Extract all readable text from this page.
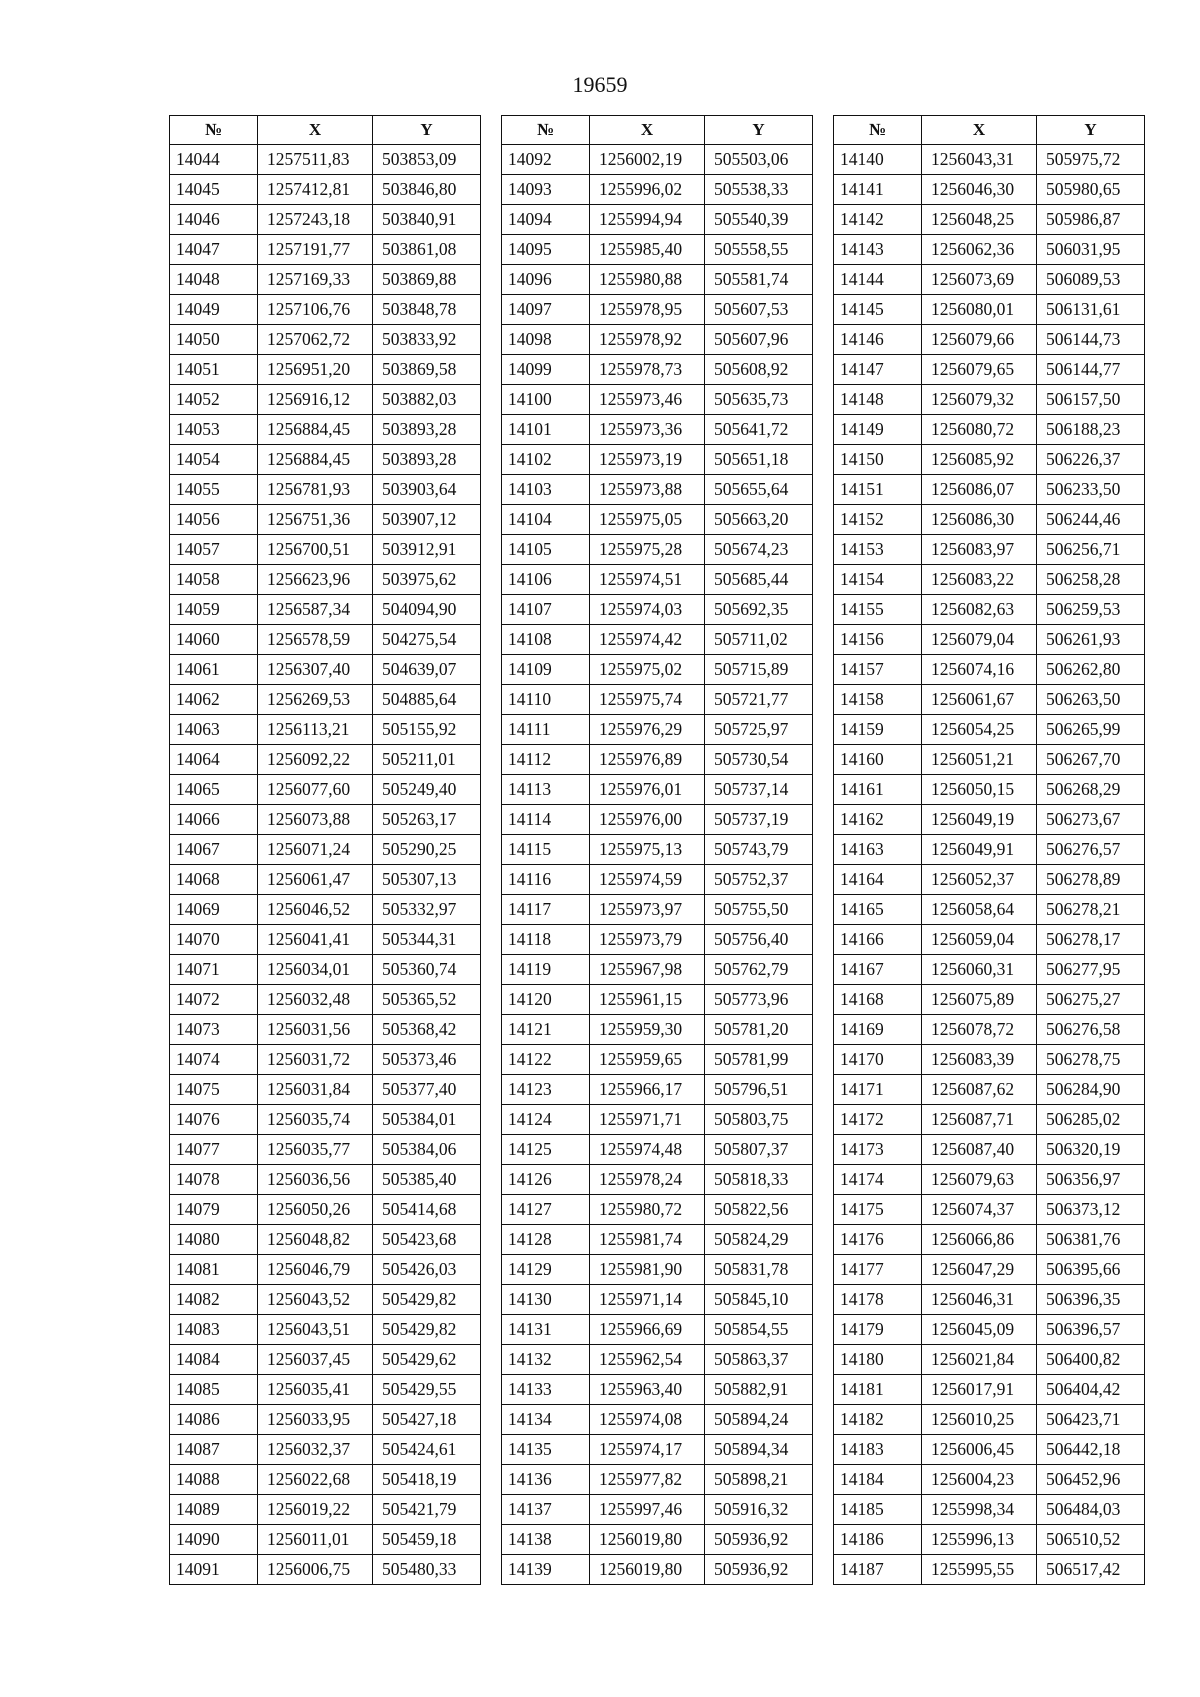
19659
№	X	Y
14044	1257511,83	503853,09
14045	1257412,81	503846,80
14046	1257243,18	503840,91
14047	1257191,77	503861,08
14048	1257169,33	503869,88
14049	1257106,76	503848,78
14050	1257062,72	503833,92
14051	1256951,20	503869,58
14052	1256916,12	503882,03
14053	1256884,45	503893,28
14054	1256884,45	503893,28
14055	1256781,93	503903,64
14056	1256751,36	503907,12
14057	1256700,51	503912,91
14058	1256623,96	503975,62
14059	1256587,34	504094,90
14060	1256578,59	504275,54
14061	1256307,40	504639,07
14062	1256269,53	504885,64
14063	1256113,21	505155,92
14064	1256092,22	505211,01
14065	1256077,60	505249,40
14066	1256073,88	505263,17
14067	1256071,24	505290,25
14068	1256061,47	505307,13
14069	1256046,52	505332,97
14070	1256041,41	505344,31
14071	1256034,01	505360,74
14072	1256032,48	505365,52
14073	1256031,56	505368,42
14074	1256031,72	505373,46
14075	1256031,84	505377,40
14076	1256035,74	505384,01
14077	1256035,77	505384,06
14078	1256036,56	505385,40
14079	1256050,26	505414,68
14080	1256048,82	505423,68
14081	1256046,79	505426,03
14082	1256043,52	505429,82
14083	1256043,51	505429,82
14084	1256037,45	505429,62
14085	1256035,41	505429,55
14086	1256033,95	505427,18
14087	1256032,37	505424,61
14088	1256022,68	505418,19
14089	1256019,22	505421,79
14090	1256011,01	505459,18
14091	1256006,75	505480,33
№	X	Y
14092	1256002,19	505503,06
14093	1255996,02	505538,33
14094	1255994,94	505540,39
14095	1255985,40	505558,55
14096	1255980,88	505581,74
14097	1255978,95	505607,53
14098	1255978,92	505607,96
14099	1255978,73	505608,92
14100	1255973,46	505635,73
14101	1255973,36	505641,72
14102	1255973,19	505651,18
14103	1255973,88	505655,64
14104	1255975,05	505663,20
14105	1255975,28	505674,23
14106	1255974,51	505685,44
14107	1255974,03	505692,35
14108	1255974,42	505711,02
14109	1255975,02	505715,89
14110	1255975,74	505721,77
14111	1255976,29	505725,97
14112	1255976,89	505730,54
14113	1255976,01	505737,14
14114	1255976,00	505737,19
14115	1255975,13	505743,79
14116	1255974,59	505752,37
14117	1255973,97	505755,50
14118	1255973,79	505756,40
14119	1255967,98	505762,79
14120	1255961,15	505773,96
14121	1255959,30	505781,20
14122	1255959,65	505781,99
14123	1255966,17	505796,51
14124	1255971,71	505803,75
14125	1255974,48	505807,37
14126	1255978,24	505818,33
14127	1255980,72	505822,56
14128	1255981,74	505824,29
14129	1255981,90	505831,78
14130	1255971,14	505845,10
14131	1255966,69	505854,55
14132	1255962,54	505863,37
14133	1255963,40	505882,91
14134	1255974,08	505894,24
14135	1255974,17	505894,34
14136	1255977,82	505898,21
14137	1255997,46	505916,32
14138	1256019,80	505936,92
14139	1256019,80	505936,92
№	X	Y
14140	1256043,31	505975,72
14141	1256046,30	505980,65
14142	1256048,25	505986,87
14143	1256062,36	506031,95
14144	1256073,69	506089,53
14145	1256080,01	506131,61
14146	1256079,66	506144,73
14147	1256079,65	506144,77
14148	1256079,32	506157,50
14149	1256080,72	506188,23
14150	1256085,92	506226,37
14151	1256086,07	506233,50
14152	1256086,30	506244,46
14153	1256083,97	506256,71
14154	1256083,22	506258,28
14155	1256082,63	506259,53
14156	1256079,04	506261,93
14157	1256074,16	506262,80
14158	1256061,67	506263,50
14159	1256054,25	506265,99
14160	1256051,21	506267,70
14161	1256050,15	506268,29
14162	1256049,19	506273,67
14163	1256049,91	506276,57
14164	1256052,37	506278,89
14165	1256058,64	506278,21
14166	1256059,04	506278,17
14167	1256060,31	506277,95
14168	1256075,89	506275,27
14169	1256078,72	506276,58
14170	1256083,39	506278,75
14171	1256087,62	506284,90
14172	1256087,71	506285,02
14173	1256087,40	506320,19
14174	1256079,63	506356,97
14175	1256074,37	506373,12
14176	1256066,86	506381,76
14177	1256047,29	506395,66
14178	1256046,31	506396,35
14179	1256045,09	506396,57
14180	1256021,84	506400,82
14181	1256017,91	506404,42
14182	1256010,25	506423,71
14183	1256006,45	506442,18
14184	1256004,23	506452,96
14185	1255998,34	506484,03
14186	1255996,13	506510,52
14187	1255995,55	506517,42
